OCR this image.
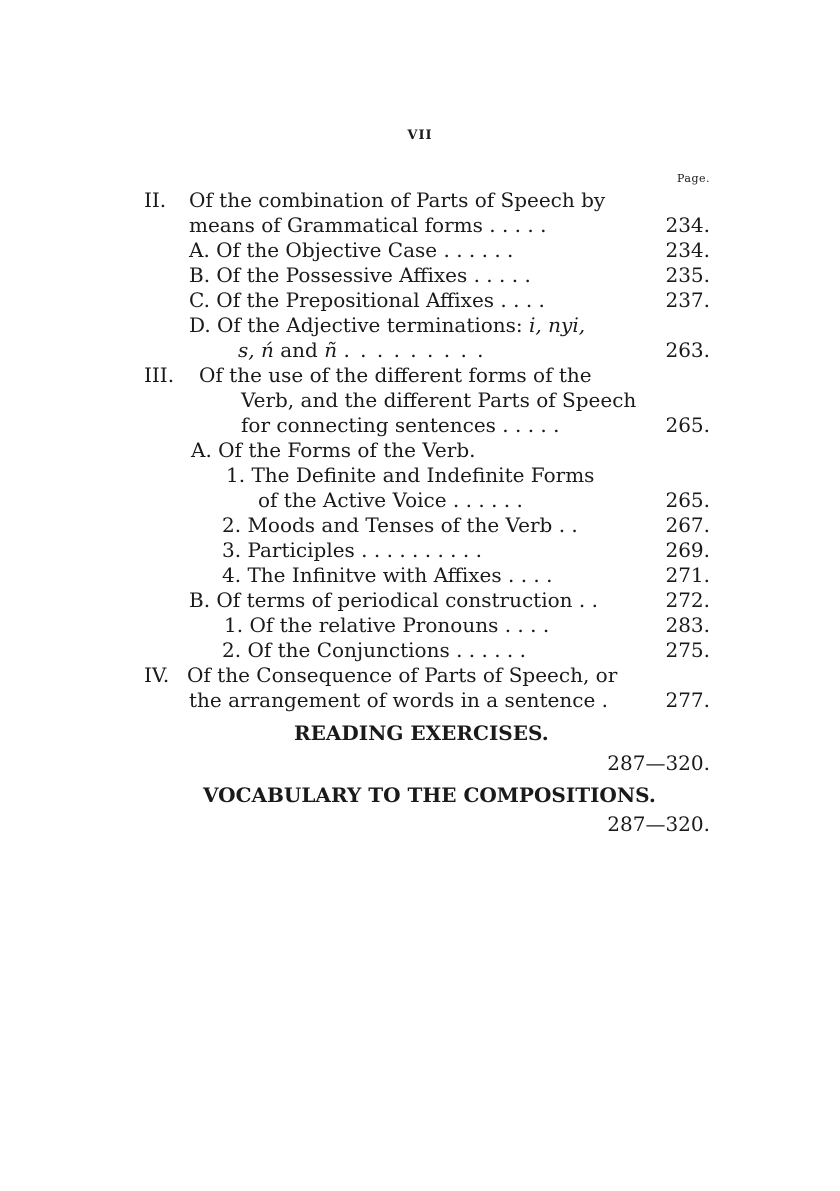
VII
Page.
II. Of the combination of Parts of Speech by
means of Grammatical forms . . . . .	234.
A. Of the Objective Case . . . . . .	234.
B. Of the Possessive Affixes . . . . .	235.
C. Of the Prepositional Affixes . . . .	237.
D. Of the Adjective terminations: i, nyi,
s, ń and ñ . . . . . . . . .	263.
III. Of the use of the different forms of the
Verb, and the different Parts of Speech
for connecting sentences . . . . .	265.
A. Of the Forms of the Verb.
1. The Definite and Indefinite Forms
of the Active Voice . . . . . .	265.
2. Moods and Tenses of the Verb . .	267.
3. Participles . . . . . . . . . .	269.
4. The Infinitve with Affixes . . . .	271.
B. Of terms of periodical construction . .	272.
1. Of the relative Pronouns . . . .	283.
2. Of the Conjunctions . . . . . .	275.
IV. Of the Consequence of Parts of Speech, or
the arrangement of words in a sentence .	277.
READING EXERCISES.
287—320.
VOCABULARY TO THE COMPOSITIONS.
287—320.
